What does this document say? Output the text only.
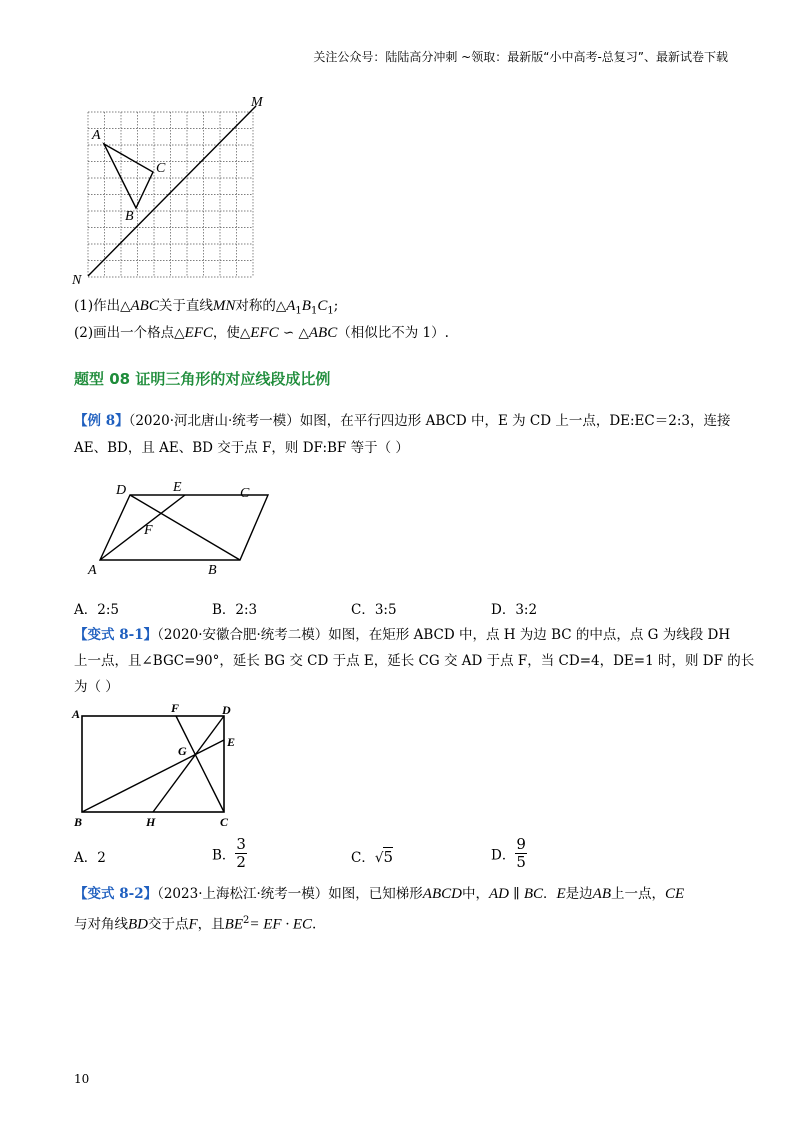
关注公众号：陆陆高分冲刺 ~领取：最新版“小中高考-总复习”、最新试卷下载
A
C
B
M
N
(1)作出△ABC关于直线MN对称的$\triangle A_1B_1C_1$;
(2)画出一个格点△EFC，使△EFC ∽ △ABC（相似比不为 1）.
题型 08 证明三角形的对应线段成比例
【例 8】（2020·河北唐山·统考一模）如图，在平行四边形 ABCD 中，E 为 CD 上一点，DE:EC＝2:3，连接
AE、BD，且 AE、BD 交于点 F，则 DF:BF 等于（ ）
D	E	C
F
A	B
A．2:5	B．2:3	C．3:5	D．3:2
【变式 8-1】（2020·安徽合肥·统考二模）如图，在矩形 ABCD 中，点 H 为边 BC 的中点，点 G 为线段 DH
上一点，且∠BGC=90°，延长 BG 交 CD 于点 E，延长 CG 交 AD 于点 F，当 CD=4，DE=1 时，则 DF 的长
为（ ）
A	F	D
E
G
B	H	C
A．2	B． $\frac{3}{2}$	C．√5	D． $\frac{9}{5}$
【变式 8-2】（2023·上海松江·统考一模）如图，已知梯形ABCD中，AD ∥ BC．E是边AB上一点，CE
与对角线BD交于点F，且$BE^2=$ EF · EC.
10
